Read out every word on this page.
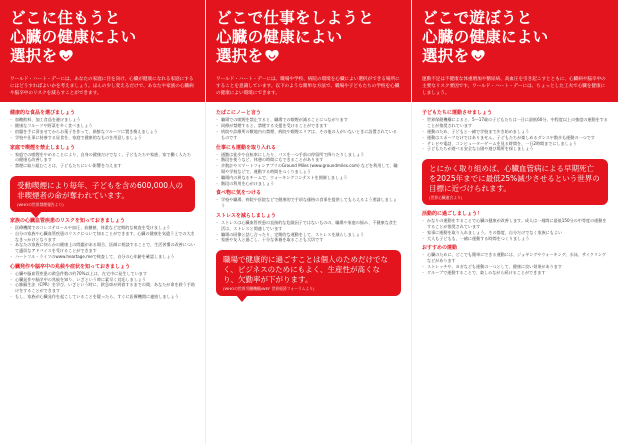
どこに住もうと
心臓の健康によい
選択を
ワールド・ハート・デーには、あなたの家庭に目を向け、心臓が健康になれる家庭にするにはどうすればよいかを考えましょう。ほんの少し変えるだけで、あなたや家族の心臓病や脳卒中のリスクを減らすことができます。
健康的な食品を選びましょう
・ 加糖飲料、加工食品を避けましょう
・ 健康なフルーツや野菜を多く食べましょう
・ 宿題を手に済ませてからお菓子を作って、新鮮なフルーツに置き換えましょう
・ 学校や仕事に持参する昼食を、家庭で健康的なものを用意しましょう
家庭で喫煙を禁止しましょう
・ 家庭での喫煙をやめることにより、自身の健康だけでなく、子どもたちや家族、家で働く人たちの健康も改善します
・ 禁煙に取り組むことは、子どもたちにいい影響を与えます
受動喫煙により毎年、子どもを含め600,000人の非喫煙者の命が奪われています。
(WHOの世界禁煙報告より)
家族の心臓血管疾患のリスクを知っておきましょう
・ 医療機関でのコレステロールや血圧、血糖値、体重など定期的な検査を受けましょう
・ 自分の家族や心臓血管疾患のリスクについて知ることができます。心臓の健康を気遣う上での大きなきっかけとなります
・ あなたの家族に何らかの健康上の問題がある場合、医師に相談することで、生活習慣の改善について適切なアドバイスを受けることができます
・ ハートフル・ライフのwww.heartage.meで検査して、自分の心年齢を確認しましょう
心臓発作や脳卒中の兆候や症状を知っておきましょう
・ 心臓や脳血管疾患の救急件数の約70%以上は、在宅中に発生しています
・ 心臓発作や脳卒中の兆候を知り、いざという時に素早く対応しましょう
・ 心肺蘇生法（CPR）を学び、いざという時に、救急車が到着するまでの間、あなたが命を救う手助けをすることができます
・ もし、家族が心臓発作を起こしていることを疑ったら、すぐに医療機関に連絡しましょう
どこで仕事をしようと
心臓の健康によい
選択を
ワールド・ハート・デーには、職場や学校、病院の環境を心臓によい選択ができる場所にすることを意識しています。以下のような簡単な方法で、職場や子どもたちの学校を心臓の健康によい環境にできます。
たばこにノーと言う
・ 職場での喫煙を禁止すると、職場での喫煙が減ることにつながります
・ 同僚が禁煙すると、禁煙する支援を受けることができます
・ 病院や診療所の敷地内の禁煙、病院や喫煙エリアは、その他の人がいないときに設置されているものです
仕事にも運動を取り入れる
・ 通勤は徒歩や自転車にしたり、バスを一つ手前の停留所で降りたりしましょう
・ 階段を使うなど、休憩の時間にもできることがあります
・ 歩数計やスマートフォンアプリのGround Miles (www.groundmiles.com) などを利用して、職場や学校などで、運動する時間をつくりましょう
・ 職場内の異なるチームで、ウォーキングコンテストを開催しましょう
・ 階段の利用を心がけましょう
食べ物に気をつける
・ 学校や職場、病院や医院などで健康的で手頃な価格の食事を提供してもらえるよう要請しましょう
ストレスを減らしましょう
・ ストレスは心臓血管疾患の直接的な危険因子ではないものの、職場や家庭の悩み、不健康な食生活は、ストレスと関連しています
・ 職場の同僚と話し合ったり、定期的な運動をして、ストレスを減らしましょう
・ 家族や友人と過ごし、十分な休養を取ることも大切です
職場で健康的に過ごすことは個人のためだけでなく、ビジネスのためにもよく、生産性が高くなり、欠勤率が下がります。
(WHOの世界労働機構/WEF 世界経済フォーラムより)
どこで遊ぼうと
心臓の健康によい
選択を
運動不足は不健康な体重増加や糖尿病、高血圧を引き起こすとともに、心臓病や脳卒中の主要なリスク要因です。ワールド・ハート・デーには、ちょっとした工夫で心臓を健康にしましょう。
子どもたちに運動させましょう
・ 世界保健機構によると、5〜17歳の子どもたちは一日に最低60分、中程度以上の強度の運動をすることが推奨されています
・ 運動のため、子どもと一緒で学校まで歩き始めましょう
・ 運動はスポーツだけではありません。子どもたちが楽しめるダンスや散歩も運動の一つです
・ テレビや電話、コンピューターゲームを見る時間を、一日2時間までにしましょう
・ 子どもたちが遊べる安全な公園や遊び場所を探しましょう
とにかく取り組めば、心臓血管病による早期死亡を2025年までに最低25%減少させるという世界の目標に近づけられます。
(世界心臓連合より)
活動的に過ごしましょう！
・ かなりの運動をすることで心臓の健康が改善します。成人は一週間に最低150分の中等度の運動をすることが推奨されています
・ 家事に運動を取り入れましょう。その都度、自分だけでなく家族にもよい
・ 大人も子どもも、一緒に運動する時間をつくりましょう
おすすめの運動
・ 心臓のために、どこでも簡単にできる運動には、ジョギングやウォーキング、水泳、サイクリングなどがあります
・ ストレッチや、ヨガなども運動の一つとして、健康に良い効果があります
・ グループで運動することで、楽しみながら続けることができます
